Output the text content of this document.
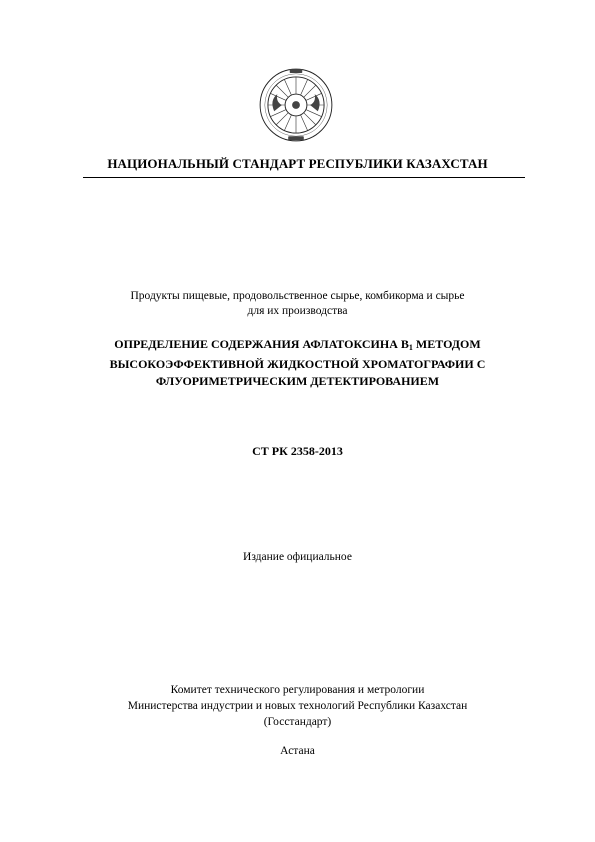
НАЦИОНАЛЬНЫЙ СТАНДАРТ РЕСПУБЛИКИ КАЗАХСТАН
Продукты пищевые, продовольственное сырье, комбикорма и сырье
для их производства
ОПРЕДЕЛЕНИЕ СОДЕРЖАНИЯ АФЛАТОКСИНА $В_1$ МЕТОДОМ
ВЫСОКОЭФФЕКТИВНОЙ ЖИДКОСТНОЙ ХРОМАТОГРАФИИ С
ФЛУОРИМЕТРИЧЕСКИМ ДЕТЕКТИРОВАНИЕМ
СТ РК 2358-2013
Издание официальное
Комитет технического регулирования и метрологии
Министерства индустрии и новых технологий Республики Казахстан
(Госстандарт)
Астана
